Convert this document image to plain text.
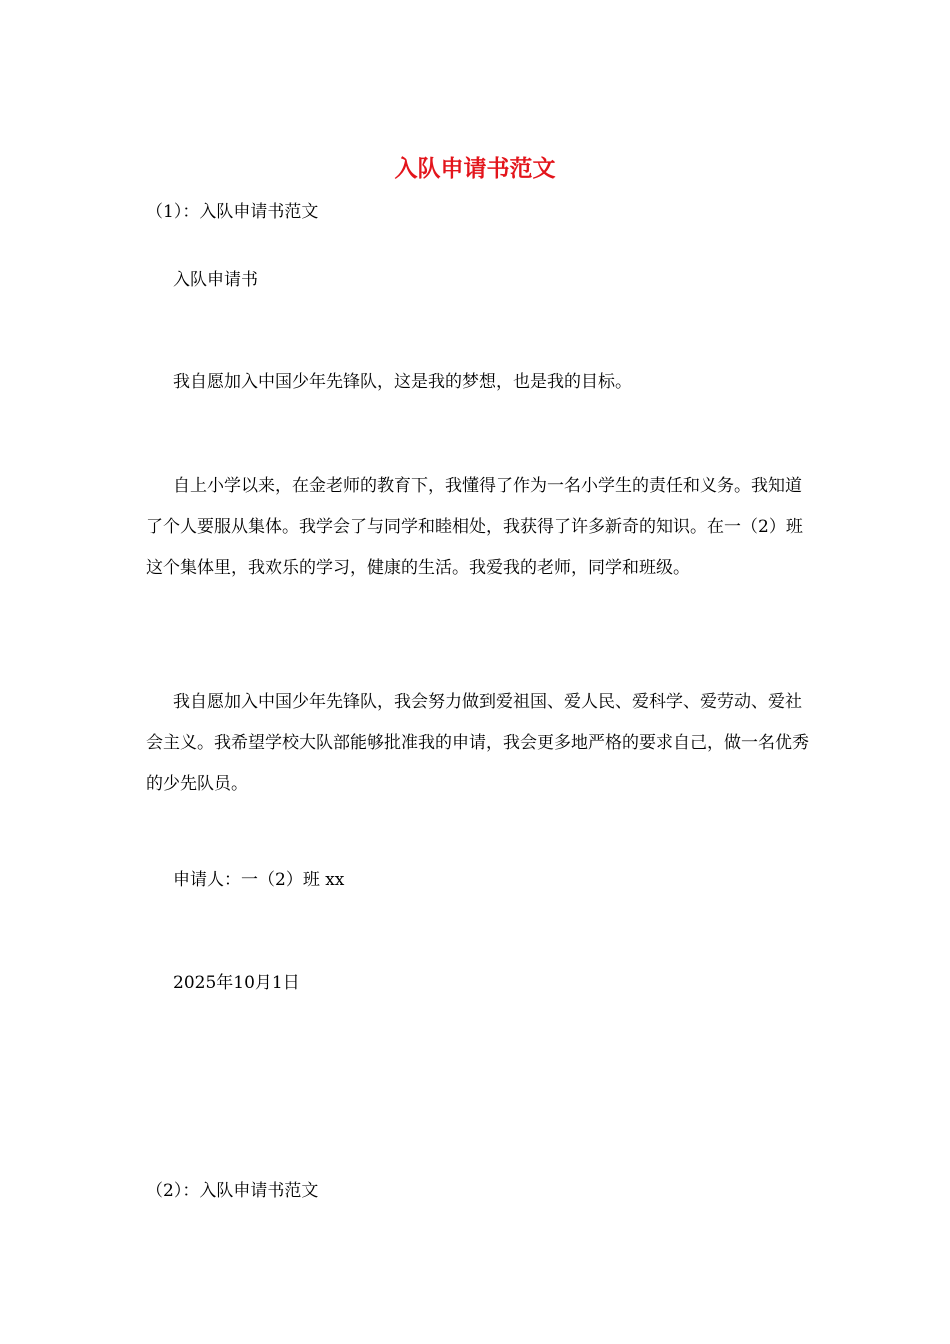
入队申请书范文

（1）：入队申请书范文

入队申请书

我自愿加入中国少年先锋队，这是我的梦想，也是我的目标。

自上小学以来，在金老师的教育下，我懂得了作为一名小学生的责任和义务。我知道了个人要服从集体。我学会了与同学和睦相处，我获得了许多新奇的知识。在一（2）班这个集体里，我欢乐的学习，健康的生活。我爱我的老师，同学和班级。

我自愿加入中国少年先锋队，我会努力做到爱祖国、爱人民、爱科学、爱劳动、爱社会主义。我希望学校大队部能够批准我的申请，我会更多地严格的要求自己，做一名优秀的少先队员。

申请人：一（2）班 xx

2025年10月1日

（2）：入队申请书范文
